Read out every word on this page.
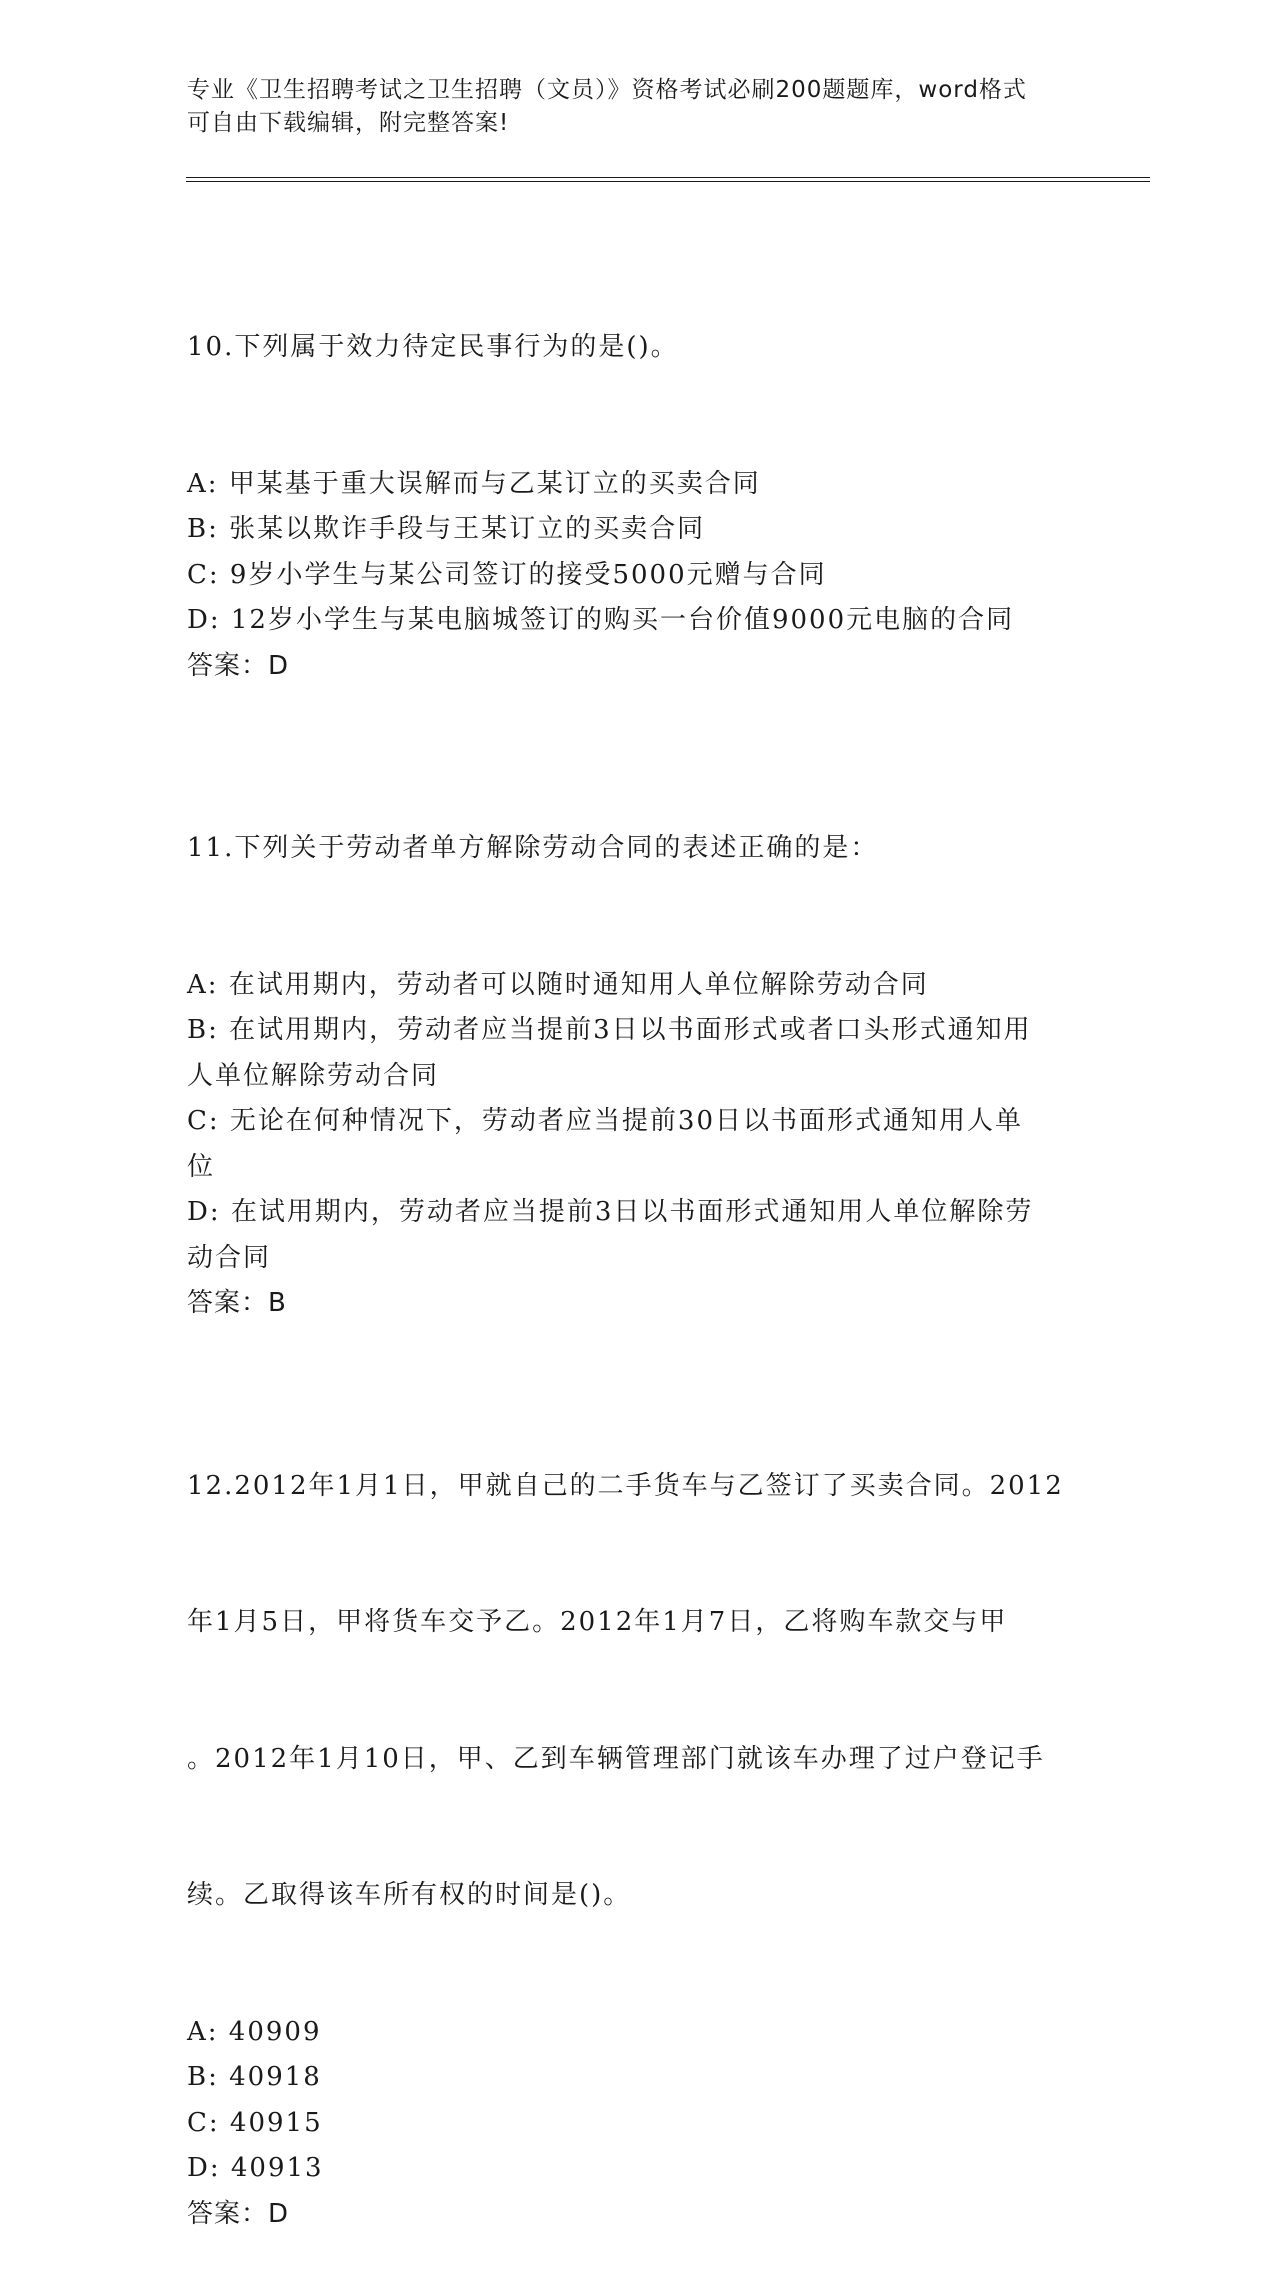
专业《卫生招聘考试之卫生招聘（文员）》资格考试必刷200题题库，word格式
可自由下载编辑，附完整答案!

10.下列属于效力待定民事行为的是()。

A: 甲某基于重大误解而与乙某订立的买卖合同
B: 张某以欺诈手段与王某订立的买卖合同
C: 9岁小学生与某公司签订的接受5000元赠与合同
D: 12岁小学生与某电脑城签订的购买一台价值9000元电脑的合同
答案：D

11.下列关于劳动者单方解除劳动合同的表述正确的是：

A: 在试用期内，劳动者可以随时通知用人单位解除劳动合同
B: 在试用期内，劳动者应当提前3日以书面形式或者口头形式通知用
人单位解除劳动合同
C: 无论在何种情况下，劳动者应当提前30日以书面形式通知用人单
位
D: 在试用期内，劳动者应当提前3日以书面形式通知用人单位解除劳
动合同
答案：B

12.2012年1月1日，甲就自己的二手货车与乙签订了买卖合同。2012

年1月5日，甲将货车交予乙。2012年1月7日，乙将购车款交与甲

。2012年1月10日，甲、乙到车辆管理部门就该车办理了过户登记手

续。乙取得该车所有权的时间是()。

A: 40909
B: 40918
C: 40915
D: 40913
答案：D
